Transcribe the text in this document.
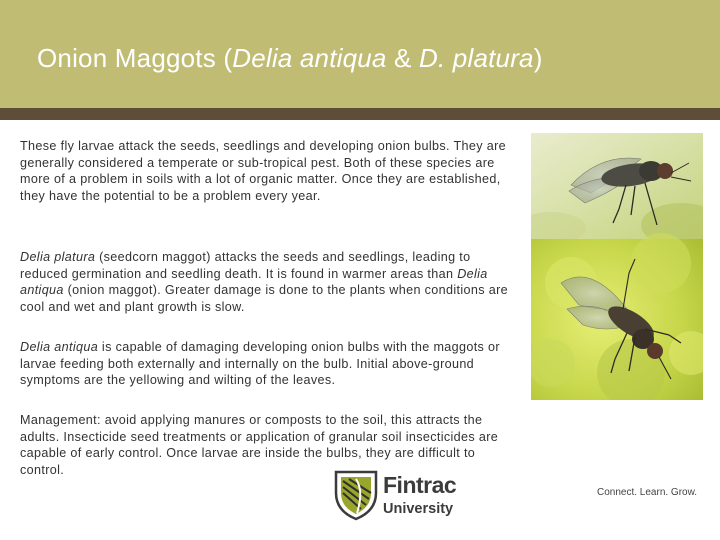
Onion Maggots (Delia antiqua & D. platura)

These fly larvae attack the seeds, seedlings and developing onion bulbs. They are generally considered a temperate or sub-tropical pest. Both of these species are more of a problem in soils with a lot of organic matter. Once they are established, they have the potential to be a problem every year.

Delia platura (seedcorn maggot) attacks the seeds and seedlings, leading to reduced germination and seedling death. It is found in warmer areas than Delia antiqua (onion maggot). Greater damage is done to the plants when conditions are cool and wet and plant growth is slow.

Delia antiqua is capable of damaging developing onion bulbs with the maggots or larvae feeding both externally and internally on the bulb. Initial above-ground symptoms are the yellowing and wilting of the leaves.

Management: avoid applying manures or composts to the soil, this attracts the adults. Insecticide seed treatments or application of granular soil insecticides are capable of early control. Once larvae are inside the bulbs, they are difficult to control.

Seedcorn maggot adult fly.
Credit: Martin Cooper (CC by 2.0)
Fintrac
University
Connect. Learn. Grow.
